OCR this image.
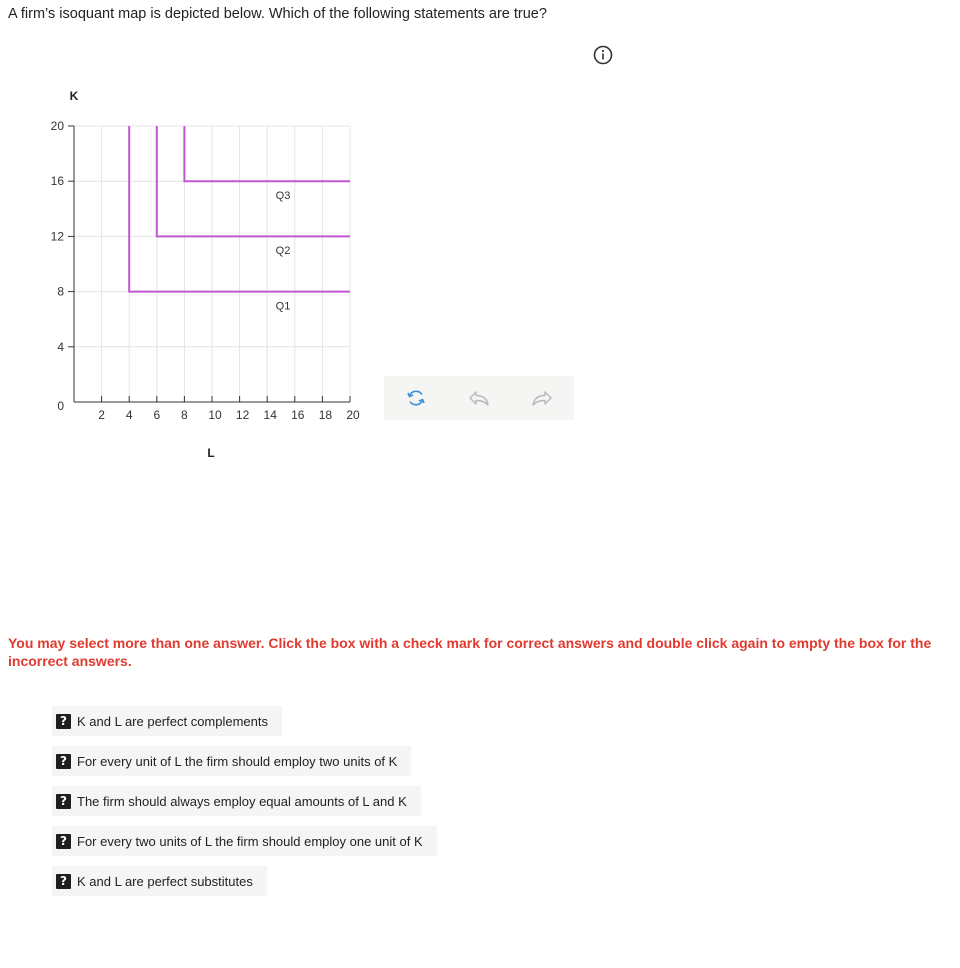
A firm’s isoquant map is depicted below. Which of the following statements are true?
0
4
8
12
16
20
2 4 6 8 10 12 14 16 18 20
Q1
Q2
Q3
K
L
You may select more than one answer. Click the box with a check mark for correct answers and double click again to empty the box for the incorrect answers.
? K and L are perfect complements
? For every unit of L the firm should employ two units of K
? The firm should always employ equal amounts of L and K
? For every two units of L the firm should employ one unit of K
? K and L are perfect substitutes
